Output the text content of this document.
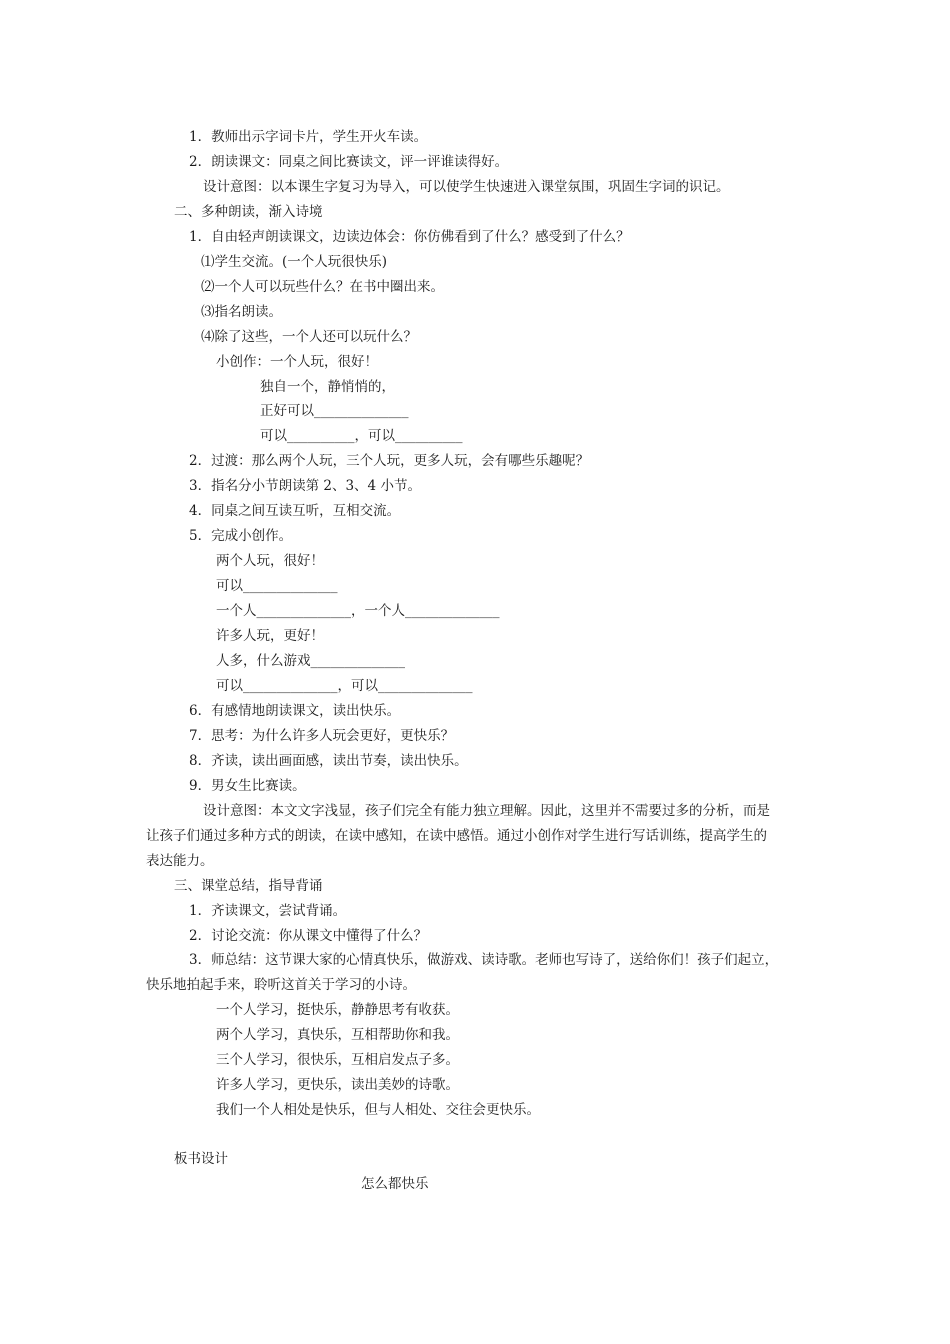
1．教师出示字词卡片，学生开火车读。
2．朗读课文：同桌之间比赛读文，评一评谁读得好。
设计意图：以本课生字复习为导入，可以使学生快速进入课堂氛围，巩固生字词的识记。
二、多种朗读，渐入诗境
1．自由轻声朗读课文，边读边体会：你仿佛看到了什么？感受到了什么？
⑴学生交流。(一个人玩很快乐)
⑵一个人可以玩些什么？在书中圈出来。
⑶指名朗读。
⑷除了这些，一个人还可以玩什么？
小创作：一个人玩，很好！
独自一个，静悄悄的，
正好可以______________
可以__________，可以__________
2．过渡：那么两个人玩，三个人玩，更多人玩，会有哪些乐趣呢？
3．指名分小节朗读第 2、3、4 小节。
4．同桌之间互读互听，互相交流。
5．完成小创作。
两个人玩，很好！
可以______________
一个人______________，一个人______________
许多人玩，更好！
人多，什么游戏______________
可以______________，可以______________
6．有感情地朗读课文，读出快乐。
7．思考：为什么许多人玩会更好，更快乐？
8．齐读，读出画面感，读出节奏，读出快乐。
9．男女生比赛读。
设计意图：本文文字浅显，孩子们完全有能力独立理解。因此，这里并不需要过多的分析，而是
让孩子们通过多种方式的朗读，在读中感知，在读中感悟。通过小创作对学生进行写话训练，提高学生的
表达能力。
三、课堂总结，指导背诵
1．齐读课文，尝试背诵。
2．讨论交流：你从课文中懂得了什么？
3．师总结：这节课大家的心情真快乐，做游戏、读诗歌。老师也写诗了，送给你们！孩子们起立，
快乐地拍起手来，聆听这首关于学习的小诗。
一个人学习，挺快乐，静静思考有收获。
两个人学习，真快乐，互相帮助你和我。
三个人学习，很快乐，互相启发点子多。
许多人学习，更快乐，读出美妙的诗歌。
我们一个人相处是快乐，但与人相处、交往会更快乐。
板书设计
怎么都快乐
